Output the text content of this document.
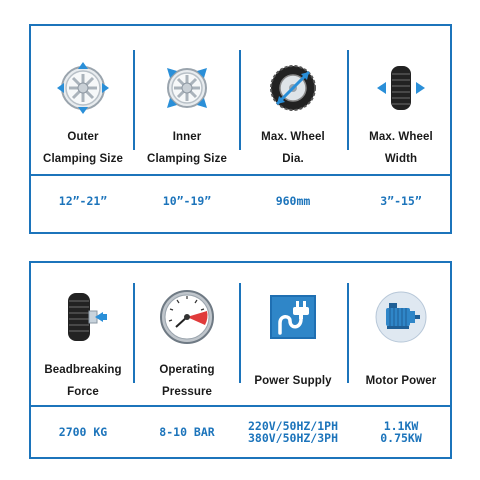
Outer
Clamping Size
12”-21”
Inner
Clamping Size
10”-19”
Max. Wheel
Dia.
960mm
Max. Wheel
Width
3”-15”
Beadbreaking
Force
2700 KG
Operating
Pressure
8-10 BAR
Power Supply
220V/50HZ/1PH
380V/50HZ/3PH
Motor Power
1.1KW
0.75KW
